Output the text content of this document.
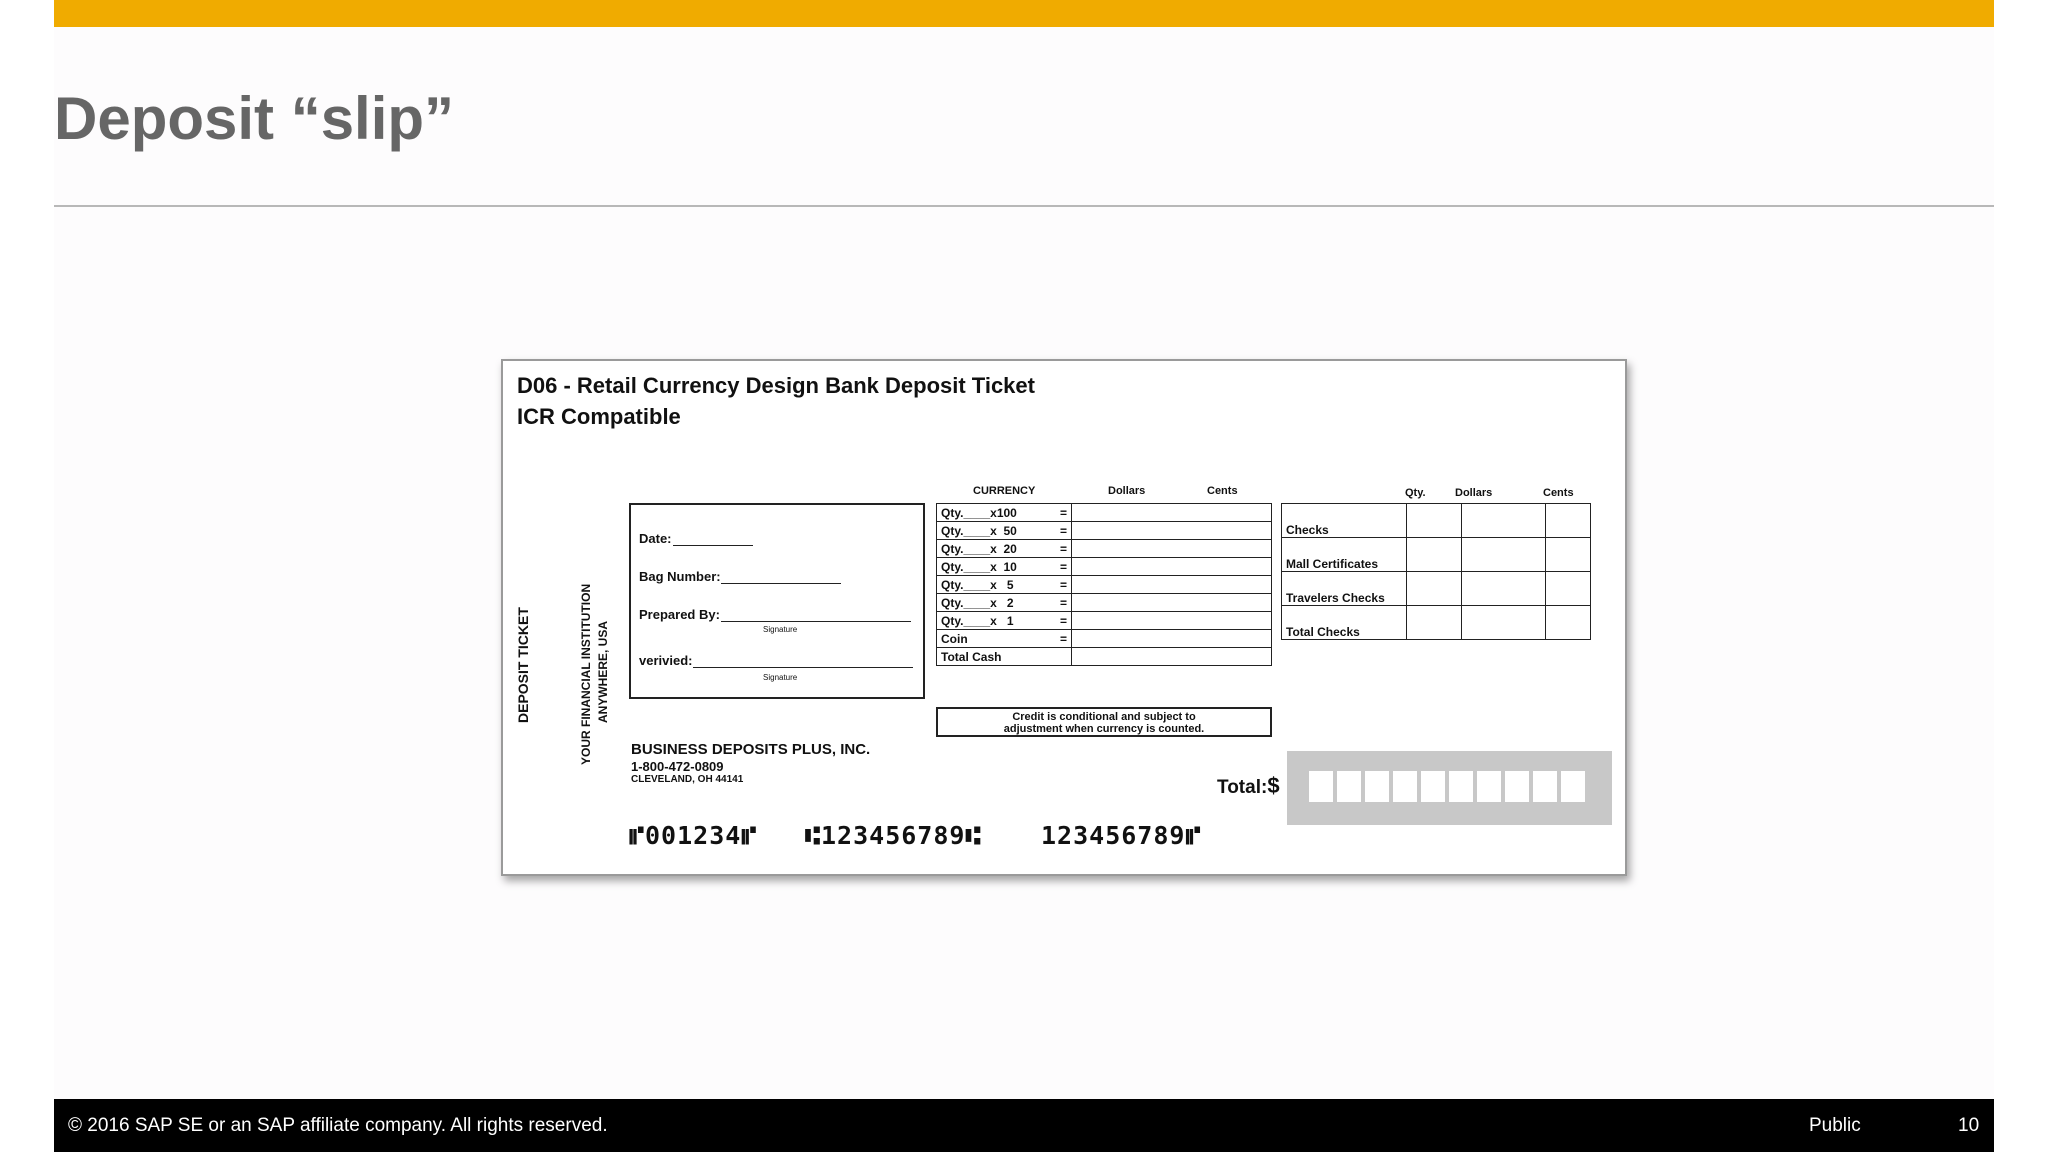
Deposit “slip”
D06 - Retail Currency Design Bank Deposit Ticket
ICR Compatible
DEPOSIT TICKET	YOUR FINANCIAL INSTITUTION ANYWHERE, USA
Date:
Bag Number:
Prepared By:
Signature
verivied:
Signature
BUSINESS DEPOSITS PLUS, INC.
1-800-472-0809
CLEVELAND, OH 44141
CURRENCY	Dollars	Cents
Qty.____x100 =	

Qty.____x  50 =	

Qty.____x  20 =	

Qty.____x  10 =	

Qty.____x   5 =	

Qty.____x   2 =	

Qty.____x   1 =	

Coin =	

Total Cash

Credit is conditional and subject to
adjustment when currency is counted.
Qty.	Dollars	Cents
Checks			
Mall Certificates			
Travelers Checks			
Total Checks			
Total:$
⑈001234⑈ ⑆123456789⑆ 123456789⑈
© 2016 SAP SE or an SAP affiliate company. All rights reserved.	Public	10
